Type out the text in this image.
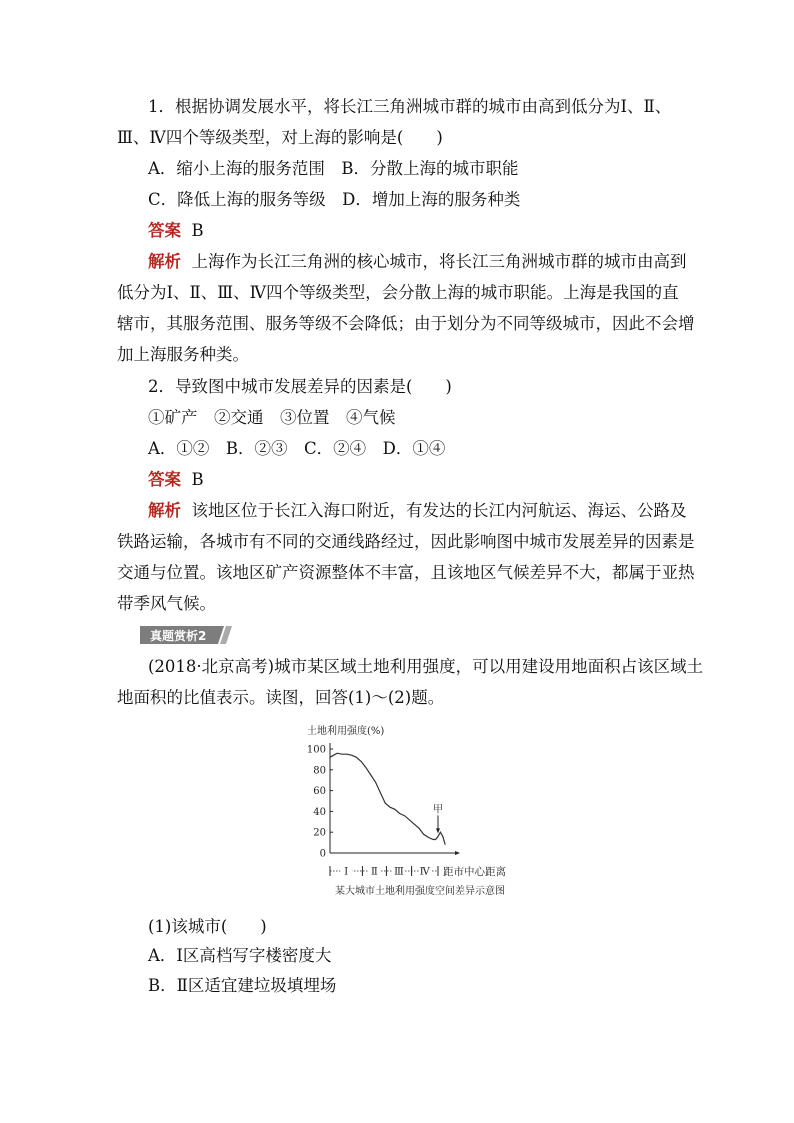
1．根据协调发展水平，将长江三角洲城市群的城市由高到低分为Ⅰ、Ⅱ、
Ⅲ、Ⅳ四个等级类型，对上海的影响是(　　)
A．缩小上海的服务范围　B．分散上海的城市职能
C．降低上海的服务等级　D．增加上海的服务种类
答案 B
解析 上海作为长江三角洲的核心城市，将长江三角洲城市群的城市由高到
低分为Ⅰ、Ⅱ、Ⅲ、Ⅳ四个等级类型，会分散上海的城市职能。上海是我国的直
辖市，其服务范围、服务等级不会降低；由于划分为不同等级城市，因此不会增
加上海服务种类。
2．导致图中城市发展差异的因素是(　　)
①矿产　②交通　③位置　④气候
A．①②　B．②③　C．②④　D．①④
答案 B
解析 该地区位于长江入海口附近，有发达的长江内河航运、海运、公路及
铁路运输，各城市有不同的交通线路经过，因此影响图中城市发展差异的因素是
交通与位置。该地区矿产资源整体不丰富，且该地区气候差异不大，都属于亚热
带季风气候。
真题赏析2
(2018·北京高考)城市某区域土地利用强度，可以用建设用地面积占该区域土
地面积的比值表示。读图，回答(1)～(2)题。
土地利用强度(%)
100
80
60
40
20
0
甲
Ⅰ Ⅱ Ⅲ Ⅳ 距市中心距离
某大城市土地利用强度空间差异示意图
(1)该城市(　　)
A．Ⅰ区高档写字楼密度大
B．Ⅱ区适宜建垃圾填埋场
